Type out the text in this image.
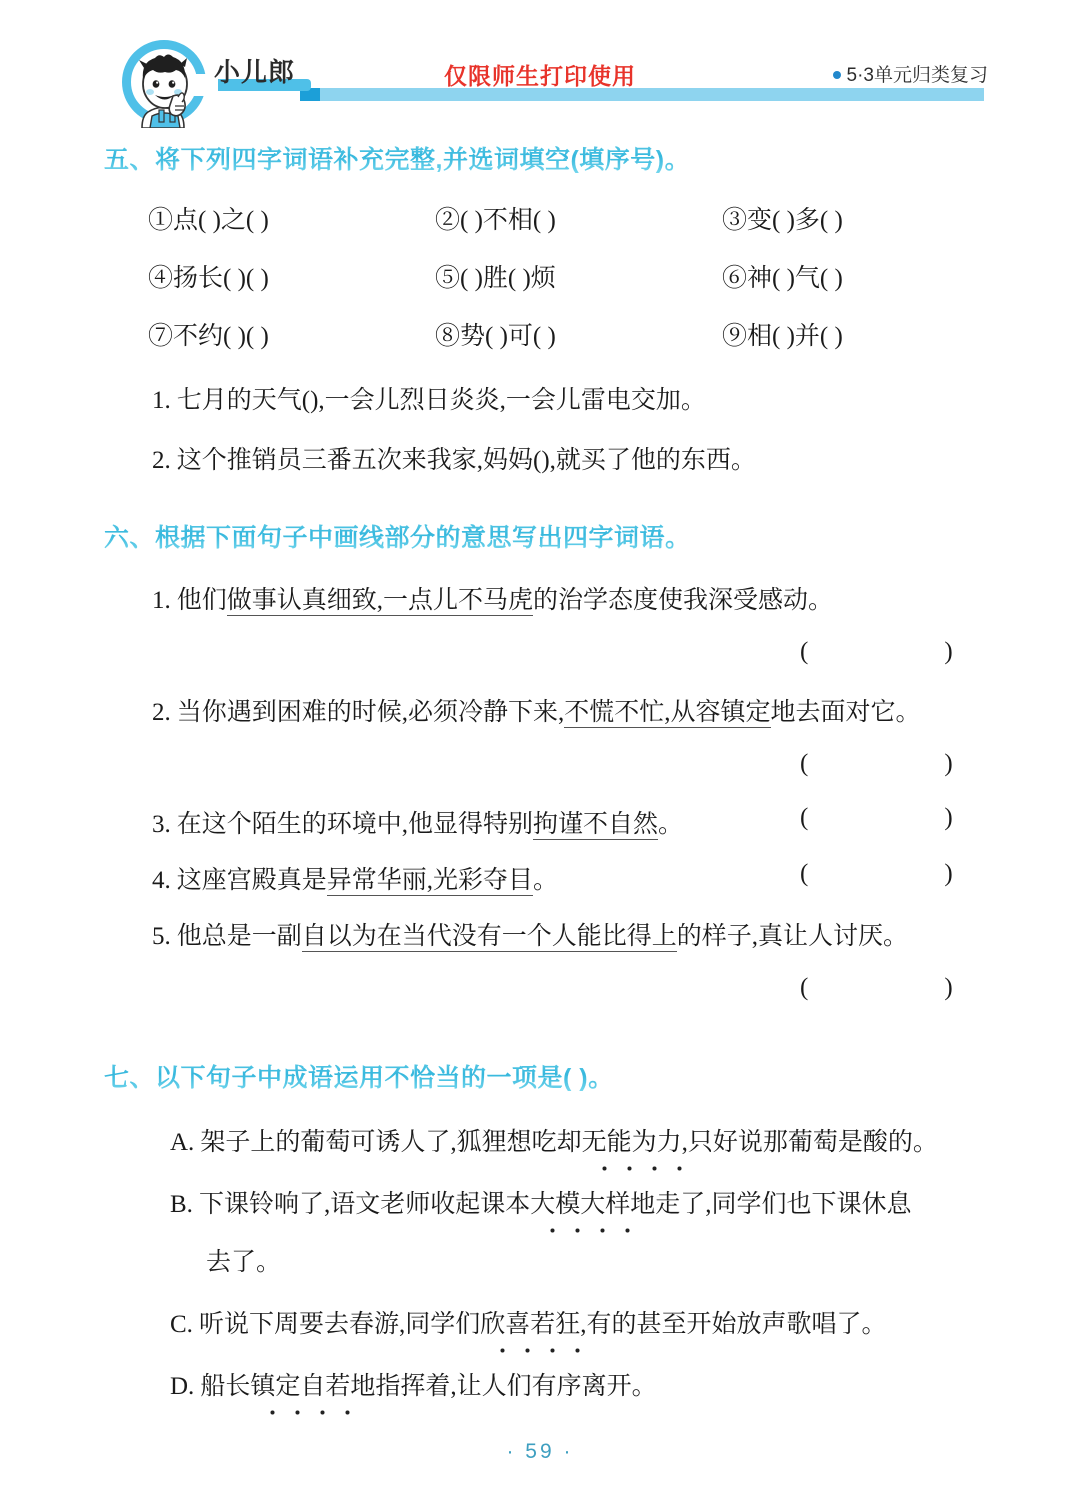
小儿郎	仅限师生打印使用	5·3单元归类复习
五、将下列四字词语补充完整,并选词填空(填序号)。
①点( )之( )	②( )不相( )	③变( )多( )
④扬长( )( )	⑤( )胜( )烦	⑥神( )气( )
⑦不约( )( )	⑧势( )可( )	⑨相( )并( )
1. 七月的天气(),一会儿烈日炎炎,一会儿雷电交加。
2. 这个推销员三番五次来我家,妈妈(),就买了他的东西。
六、根据下面句子中画线部分的意思写出四字词语。
1. 他们做事认真细致,一点儿不马虎的治学态度使我深受感动。
(	)
2. 当你遇到困难的时候,必须冷静下来,不慌不忙,从容镇定地去面对它。
(	)
3. 在这个陌生的环境中,他显得特别拘谨不自然。	(	)
4. 这座宫殿真是异常华丽,光彩夺目。	(	)
5. 他总是一副自以为在当代没有一个人能比得上的样子,真让人讨厌。
(	)
七、以下句子中成语运用不恰当的一项是( )。
A. 架子上的葡萄可诱人了,狐狸想吃却无能为力,只好说那葡萄是酸的。
B. 下课铃响了,语文老师收起课本大模大样地走了,同学们也下课休息
去了。
C. 听说下周要去春游,同学们欣喜若狂,有的甚至开始放声歌唱了。
D. 船长镇定自若地指挥着,让人们有序离开。
· 59 ·
